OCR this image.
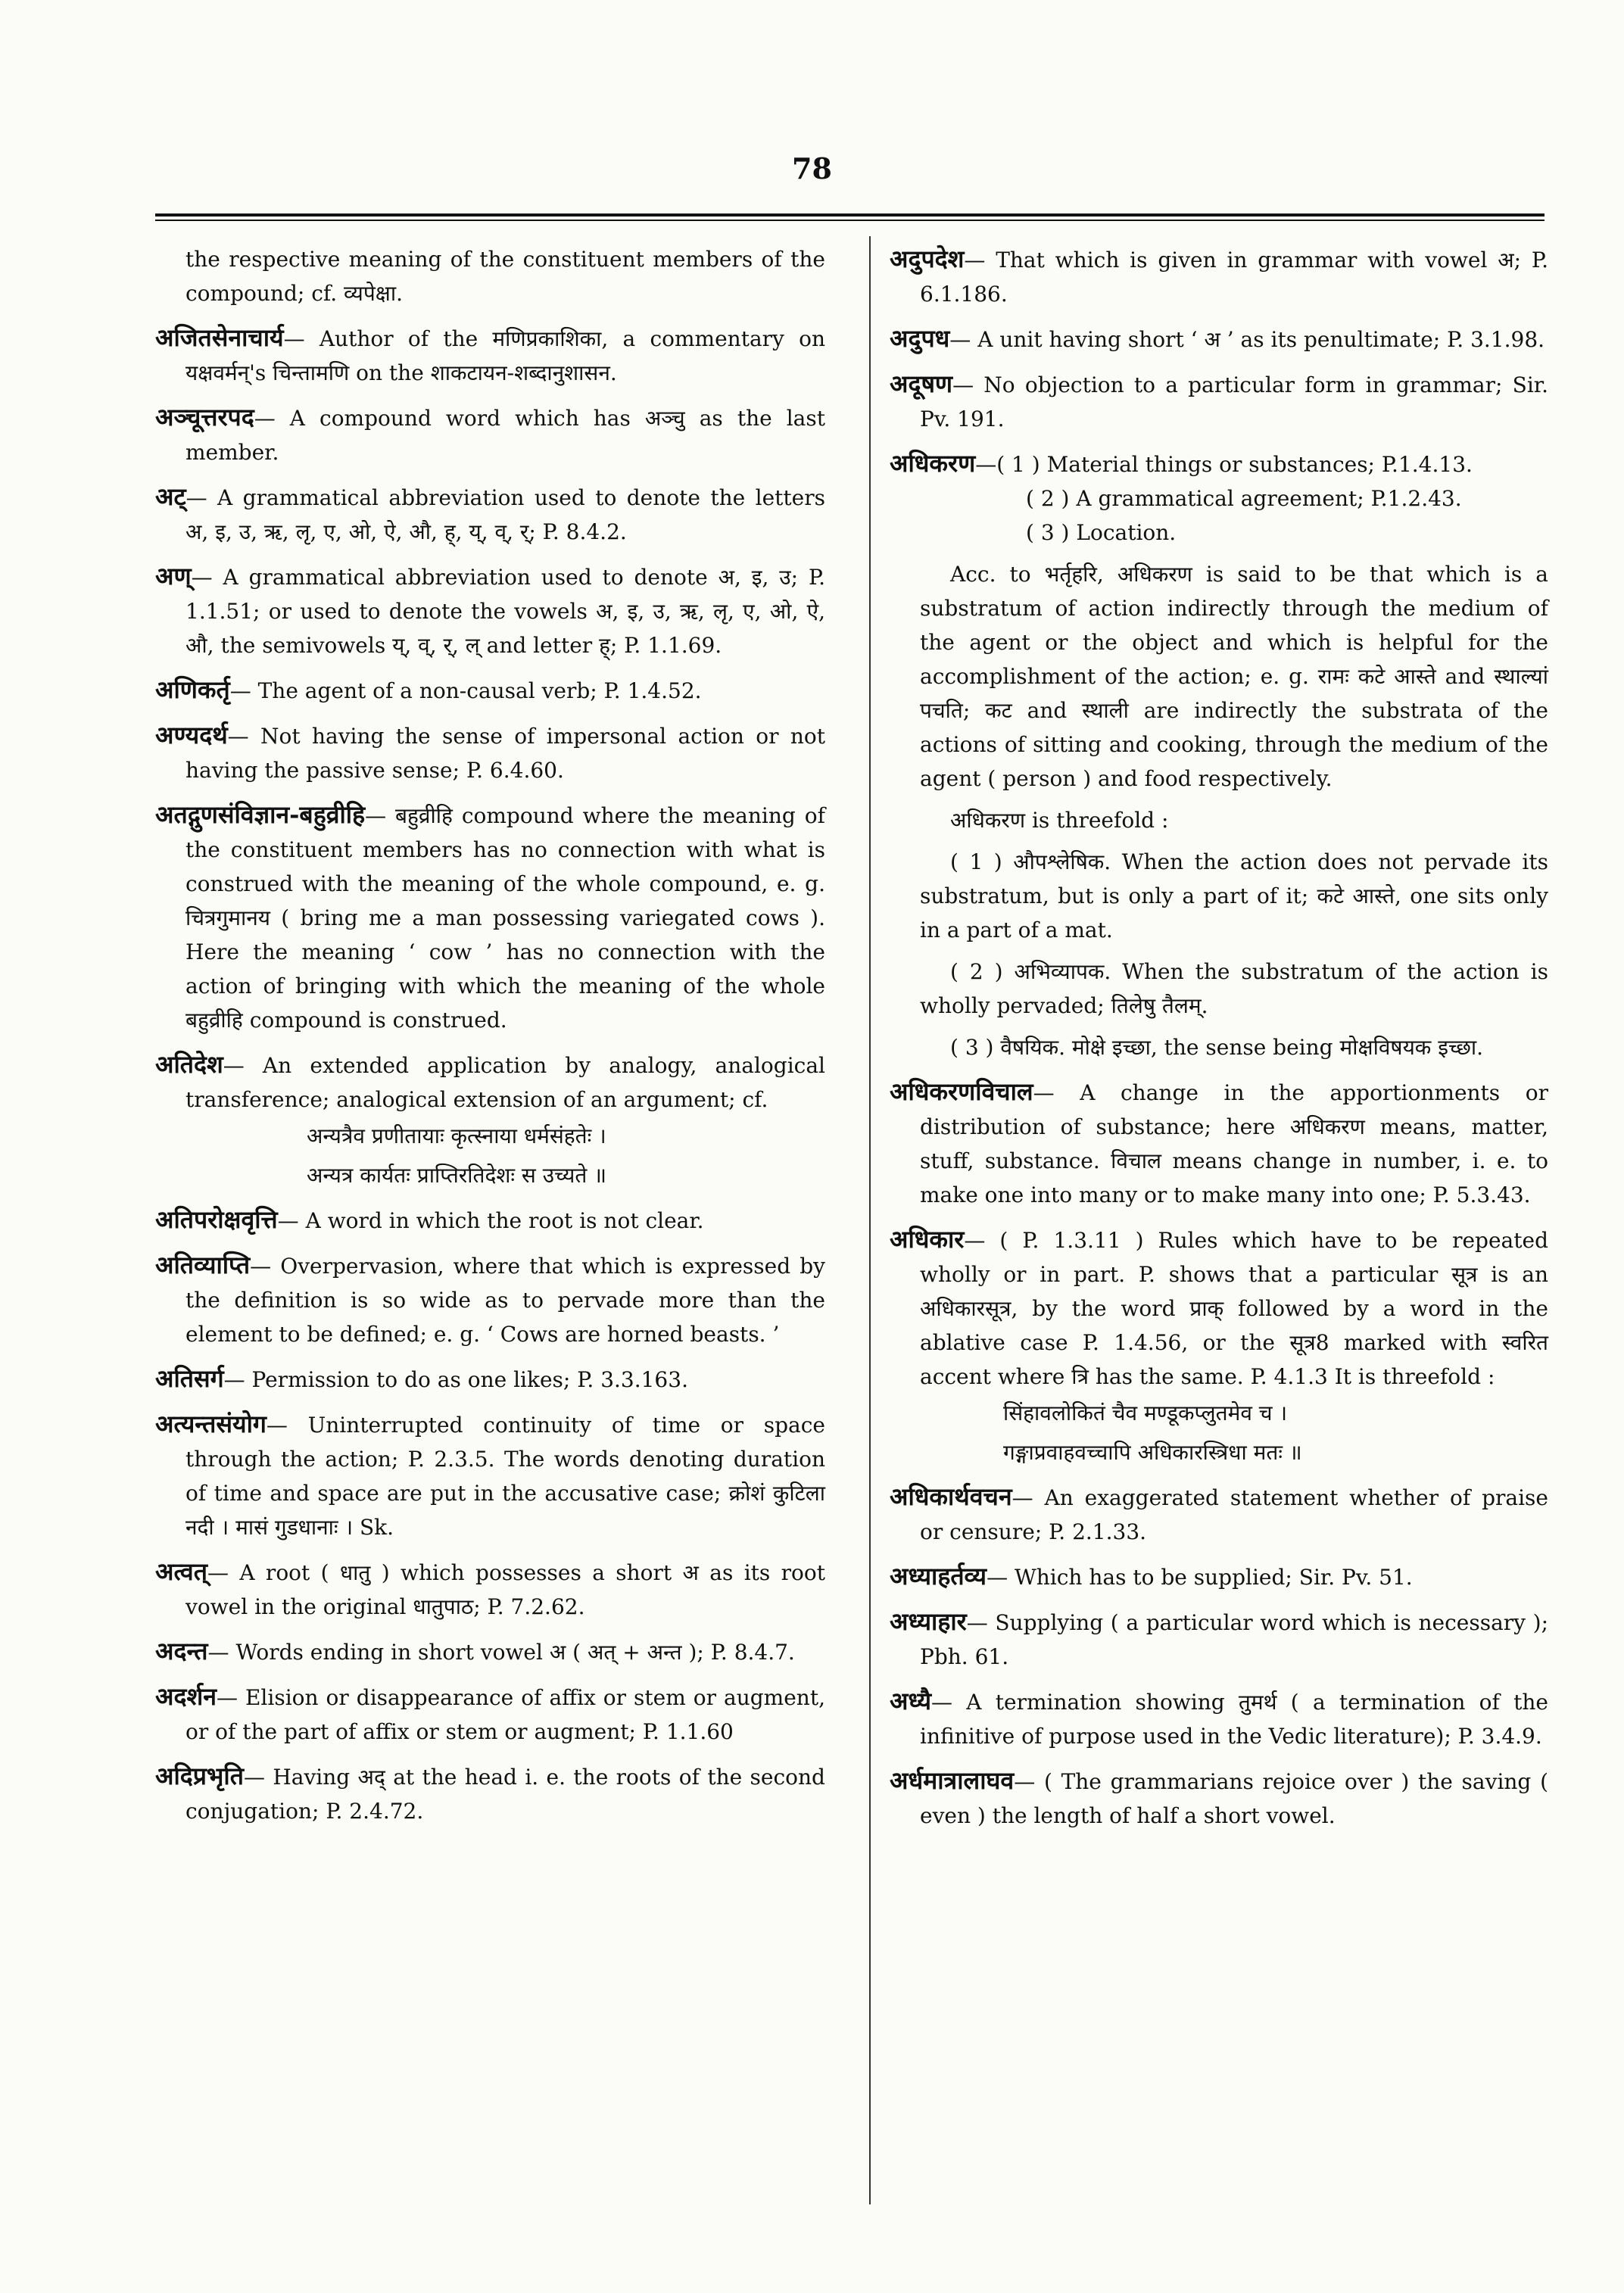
78

the respective meaning of the constituent members of the compound; cf. व्यपेक्षा.

अजितसेनाचार्य— Author of the मणिप्रकाशिका, a commentary on यक्षवर्मन्'s चिन्तामणि on the शाकटायन-शब्दानुशासन.

अञ्चूत्तरपद— A compound word which has अञ्चु as the last member.

अट्— A grammatical abbreviation used to denote the letters अ, इ, उ, ऋ, लृ, ए, ओ, ऐ, औ, ह्, य्, व्, र्; P. 8.4.2.

अण्— A grammatical abbreviation used to denote अ, इ, उ; P. 1.1.51; or used to denote the vowels अ, इ, उ, ऋ, लृ, ए, ओ, ऐ, औ, the semivowels य्, व्, र्, ल् and letter ह्; P. 1.1.69.

अणिकर्तृ— The agent of a non-causal verb; P. 1.4.52.

अण्यदर्थ— Not having the sense of impersonal action or not having the passive sense; P. 6.4.60.

अतद्गुणसंविज्ञान-बहुव्रीहि— बहुव्रीहि compound where the meaning of the constituent members has no connection with what is construed with the meaning of the whole compound, e. g. चित्रगुमानय ( bring me a man possessing variegated cows ). Here the meaning ‘ cow ’ has no connection with the action of bringing with which the meaning of the whole बहुव्रीहि compound is construed.

अतिदेश— An extended application by analogy, analogical transference; analogical extension of an argument; cf.

अन्यत्रैव प्रणीतायाः कृत्स्नाया धर्मसंहतेः ।
अन्यत्र कार्यतः प्राप्तिरतिदेशः स उच्यते ॥

अतिपरोक्षवृत्ति— A word in which the root is not clear.

अतिव्याप्ति— Overpervasion, where that which is expressed by the definition is so wide as to pervade more than the element to be defined; e. g. ‘ Cows are horned beasts. ’

अतिसर्ग— Permission to do as one likes; P. 3.3.163.

अत्यन्तसंयोग— Uninterrupted continuity of time or space through the action; P. 2.3.5. The words denoting duration of time and space are put in the accusative case; क्रोशं कुटिला नदी । मासं गुडधानाः । Sk.

अत्वत्— A root ( धातु ) which possesses a short अ as its root vowel in the original धातुपाठ; P. 7.2.62.

अदन्त— Words ending in short vowel अ ( अत् + अन्त ); P. 8.4.7.

अदर्शन— Elision or disappearance of affix or stem or augment, or of the part of affix or stem or augment; P. 1.1.60

अदिप्रभृति— Having अद् at the head i. e. the roots of the second conjugation; P. 2.4.72.

अदुपदेश— That which is given in grammar with vowel अ; P. 6.1.186.

अदुपध— A unit having short ‘ अ ’ as its penultimate; P. 3.1.98.

अदूषण— No objection to a particular form in grammar; Sir. Pv. 191.

अधिकरण—( 1 ) Material things or substances; P.1.4.13.

( 2 ) A grammatical agreement; P.1.2.43.

( 3 ) Location.

Acc. to भर्तृहरि, अधिकरण is said to be that which is a substratum of action indirectly through the medium of the agent or the object and which is helpful for the accomplishment of the action; e. g. रामः कटे आस्ते and स्थाल्यां पचति; कट and स्थाली are indirectly the substrata of the actions of sitting and cooking, through the medium of the agent ( person ) and food respectively.

अधिकरण is threefold :

( 1 ) औपश्लेषिक. When the action does not pervade its substratum, but is only a part of it; कटे आस्ते, one sits only in a part of a mat.

( 2 ) अभिव्यापक. When the substratum of the action is wholly pervaded; तिलेषु तैलम्.

( 3 ) वैषयिक. मोक्षे इच्छा, the sense being मोक्षविषयक इच्छा.

अधिकरणविचाल— A change in the apportionments or distribution of substance; here अधिकरण means, matter, stuff, substance. विचाल means change in number, i. e. to make one into many or to make many into one; P. 5.3.43.

अधिकार— ( P. 1.3.11 ) Rules which have to be repeated wholly or in part. P. shows that a particular सूत्र is an अधिकारसूत्र, by the word प्राक् followed by a word in the ablative case P. 1.4.56, or the सूत्र8 marked with स्वरित accent where त्रि has the same. P. 4.1.3 It is threefold :

सिंहावलोकितं चैव मण्डूकप्लुतमेव च ।
गङ्गाप्रवाहवच्चापि अधिकारस्त्रिधा मतः ॥

अधिकार्थवचन— An exaggerated statement whether of praise or censure; P. 2.1.33.

अध्याहर्तव्य— Which has to be supplied; Sir. Pv. 51.

अध्याहार— Supplying ( a particular word which is necessary ); Pbh. 61.

अध्यै— A termination showing तुमर्थ ( a termination of the infinitive of purpose used in the Vedic literature); P. 3.4.9.

अर्धमात्रालाघव— ( The grammarians rejoice over ) the saving ( even ) the length of half a short vowel.
